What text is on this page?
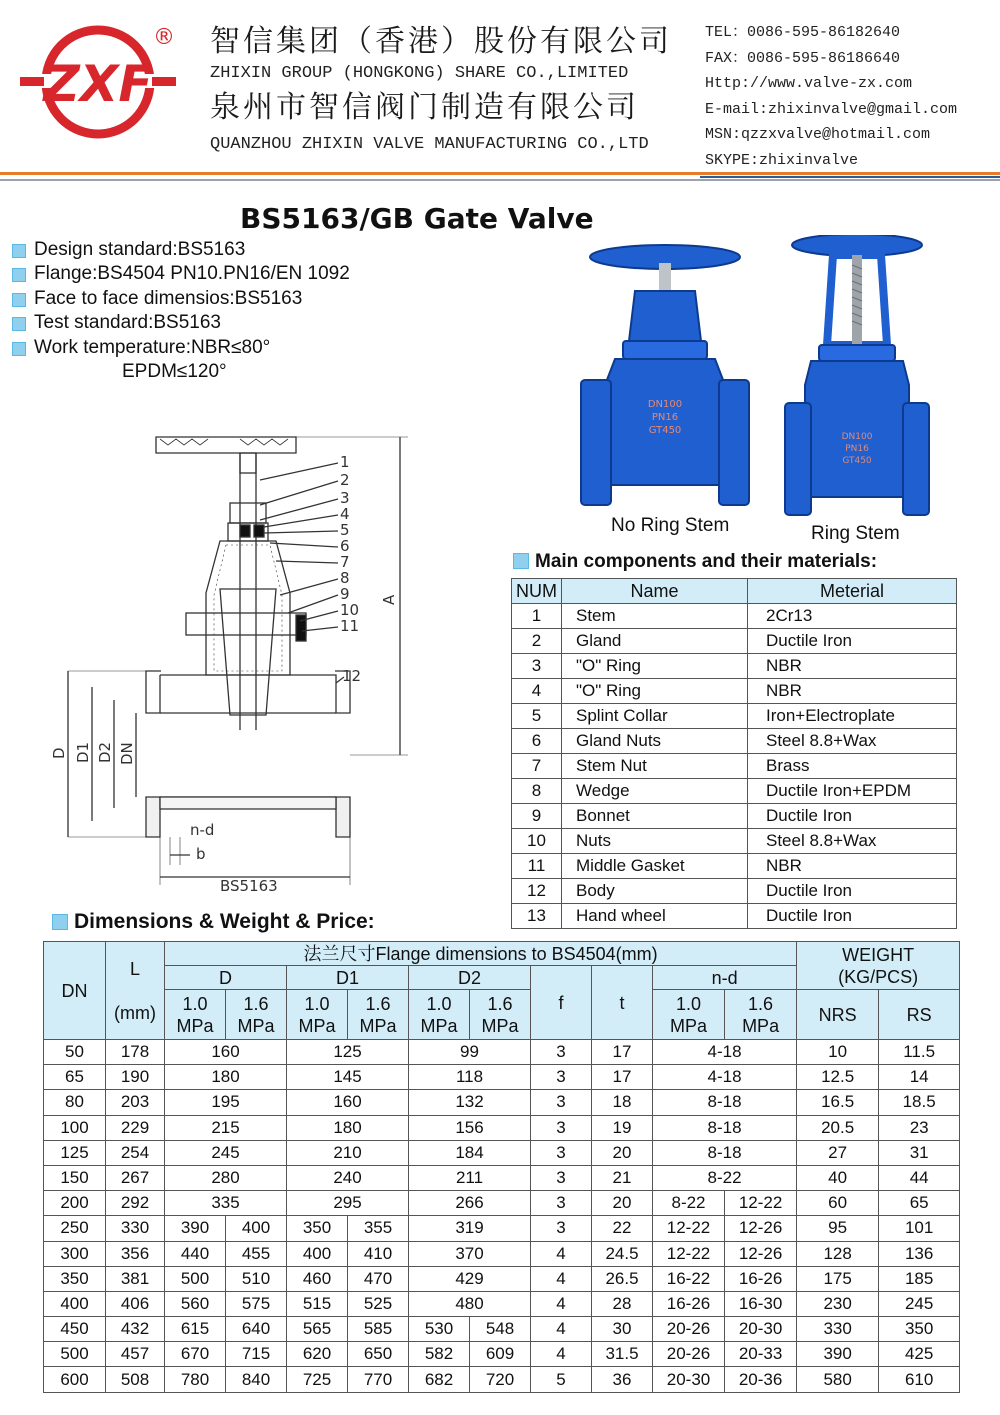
ZXF
® 智信集团（香港）股份有限公司
ZHIXIN GROUP (HONGKONG) SHARE CO.,LIMITED
泉州市智信阀门制造有限公司
QUANZHOU ZHIXIN VALVE MANUFACTURING CO.,LTD
TEL：0086-595-86182640
FAX：0086-595-86186640
Http://www.valve-zx.com
E-mail:zhixinvalve@gmail.com
MSN:qzzxvalve@hotmail.com
SKYPE:zhixinvalve
BS5163/GB Gate Valve
Design standard:BS5163
Flange:BS4504 PN10.PN16/EN 1092
Face to face dimensios:BS5163
Test standard:BS5163
Work temperature:NBR≤80°
EPDM≤120°
1
2
3
4
5
6
7
8
9
10
11
12
A
D D1 D2 DN
n-d
b
BS5163
DN100
PN16
GT450
DN100
PN16
GT450
No Ring Stem	Ring Stem
Main components and their materials:
NUM	Name	Meterial
1	Stem	2Cr13
2	Gland	Ductile Iron
3	"O" Ring	NBR
4	"O" Ring	NBR
5	Splint Collar	Iron+Electroplate
6	Gland Nuts	Steel 8.8+Wax
7	Stem Nut	Brass
8	Wedge	Ductile Iron+EPDM
9	Bonnet	Ductile Iron
10	Nuts	Steel 8.8+Wax
11	Middle Gasket	NBR
12	Body	Ductile Iron
13	Hand wheel	Ductile Iron
Dimensions & Weight & Price:
DN	L

(mm)	法兰尺寸Flange dimensions to BS4504(mm)										WEIGHT
(KG/PCS)	
		D		D1		D2		f	t	n-d			
		1.0
MPa	1.6
MPa	1.0
MPa	1.6
MPa	1.0
MPa	1.6
MPa			1.0
MPa	1.6
MPa	NRS	RS
50	178	160		125		99		3	17	4-18		10	11.5
65	190	180		145		118		3	17	4-18		12.5	14
80	203	195		160		132		3	18	8-18		16.5	18.5
100	229	215		180		156		3	19	8-18		20.5	23
125	254	245		210		184		3	20	8-18		27	31
150	267	280		240		211		3	21	8-22		40	44
200	292	335		295		266		3	20	8-22	12-22	60	65
250	330	390	400	350	355	319		3	22	12-22	12-26	95	101
300	356	440	455	400	410	370		4	24.5	12-22	12-26	128	136
350	381	500	510	460	470	429		4	26.5	16-22	16-26	175	185
400	406	560	575	515	525	480		4	28	16-26	16-30	230	245
450	432	615	640	565	585	530	548	4	30	20-26	20-30	330	350
500	457	670	715	620	650	582	609	4	31.5	20-26	20-33	390	425
600	508	780	840	725	770	682	720	5	36	20-30	20-36	580	610
